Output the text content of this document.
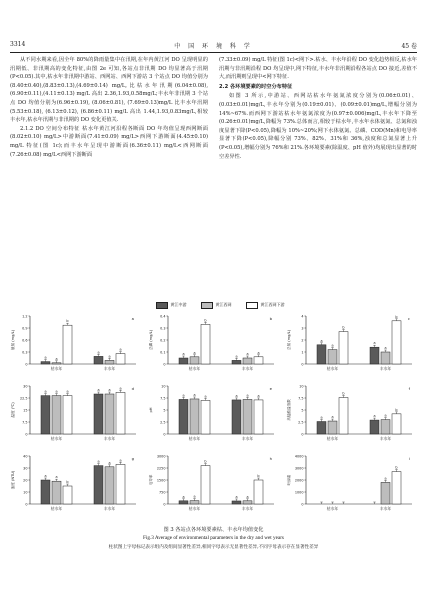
3314	中 国 环 境 科 学	45 卷

从不同水期来看,因全年 80%的降雨量集中在汛期,在年内黄江河 DO 呈现明显的汛期低、非汛期高的变化特征,由图 2e 可知,各站点非汛期 DO 均显著高于汛期(P<0.05).其中,枯水年非汛期中游站、西网站、西网下游站 3 个站点 DO 均值分别为(8.40±0.40),(8.83±0.13),(4.69±0.14) mg/L,比枯水年汛期(6.04±0.08),(6.90±0.11),(4.11±0.13) mg/L 高出 2.36,1.93,0.58mg/L;丰水年非汛期 3 个站点 DO 均值分别为(6.96±0.19), (8.06±0.81), (7.69±0.13)mg/L 比丰水年汛期(5.53±0.18), (6.13±0.12), (6.86±0.11) mg/L 高出 1.44,1.93,0.83mg/L,相较丰水年,枯水年汛期与非汛期的 DO 变化更值关.

2.1.2 DO 空间分布特征 枯水年黄江河沿程各断面 DO 年均值呈现西网断面(8.02±0.10) mg/L>中游断面(7.41±0.09) mg/L>西网下游断面(4.45±0.10) mg/L 特征(图 1c);而丰水年呈现中游断面(6.36±0.11) mg/L<西网断面(7.26±0.08) mg/L<西网下游断面

(7.33±0.09) mg/L 特征(图 1c)<网下>.枯水、丰水年沿程 DO 变化趋势相反,枯水年汛期与非汛期沿程 DO 均呈现中,网下特征,丰水年非汛期沿程各站点 DO 接近,差值不大,而汛期则呈现中<网下特征.

2.2 各环境要素的时空分布特征

如图 3 所示,中游站、西网站枯水年氨氮浓度分别为(0.06±0.01)、(0.03±0.01)mg/L,丰水年分别为(0.19±0.01)、(0.09±0.01)mg/L,增幅分别为 14%~67%.而西网下游站枯水年氨氮浓度为(0.97±0.006)mg/L,丰水年下降至(0.26±0.01)mg/L,降幅为 73%.总体而言,相较于枯水年,丰水年水体氨氮、总氮和浊度显著下降(P<0.05),降幅为 10%~20%;网下水体氨氮、总磷、COD(Mn)和电导率显著下降(P<0.05),降幅分别 73%、82%、31%和 36%,浊度和总氮显著上升(P<0.05),增幅分别为 76%和 21%.各环境要素(除温度、pH 值外)均展现出显著的时空差异性.

黄江中游	黄江西网	黄江西网下游
0
0.3
0.6
0.9
1.2
氨氮 (mg/L)
a	a
b
枯水年
a
a
a
丰水年
a
0
0.1
0.2
0.3
0.4
总磷 (mg/L)
a	a
b
枯水年
a
a	a
丰水年
b
0
1
2
3
4
总氮 (mg/L)	a
a
b
枯水年
a
a
b
丰水年
c
0
7.5
15
22.5
30
温度 (℃)
a	a	a
枯水年
a	a	a
丰水年
d
0
2.5
5
7.5
10
pH
a	a	a
枯水年
a	a	a
丰水年
e
0
2.5
5
7.5
10
高锰酸盐指数	a	a
b
枯水年
a	a
b
丰水年
f
0
10
20
30
40
浊度 (NTU)	a	a
b
枯水年
a	a
a
丰水年
g
0
750
1500
2250
3000
电导率
a	a
b
枯水年
a	a
b
丰水年
h
0
1000
2000
3000
4000
叶绿素
枯水年
a
b
丰水年
i
图 3 各站点各环境要素枯、丰水年均值变化
Fig.3 Average of environmental parameters in the dry and wet years
柱状图上字母标记表示组内及组间显著性差异,相同字母表示无显著性差异,不同字母表示存在显著性差异
